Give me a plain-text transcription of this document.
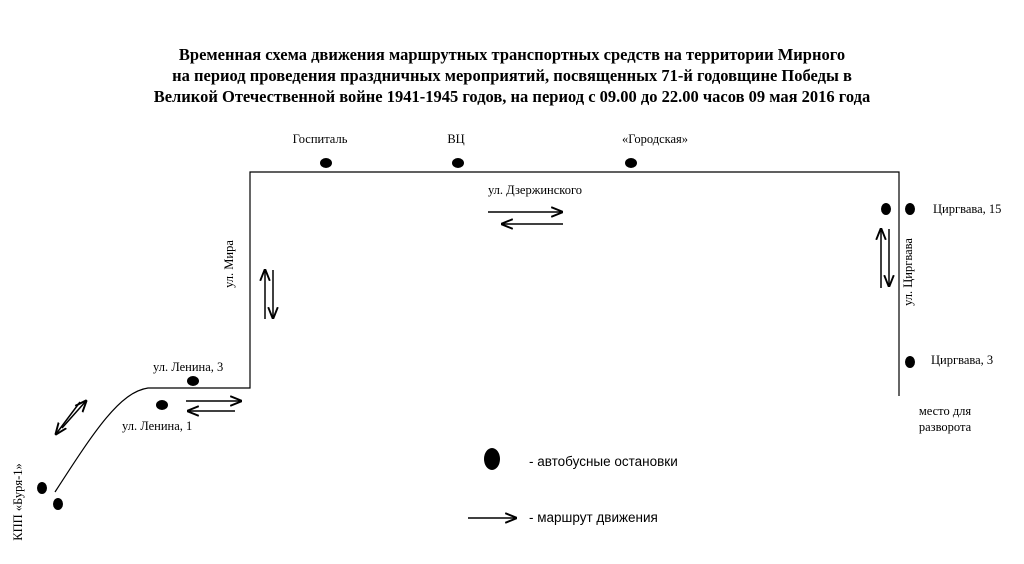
Временная схема движения маршрутных транспортных средств на территории Мирного
на период проведения праздничных мероприятий, посвященных 71-й годовщине Победы в
Великой Отечественной войне 1941-1945 годов, на период с 09.00 до 22.00 часов 09 мая 2016 года
Госпиталь	ВЦ	«Городская»
Циргвава, 15
Циргвава, 3
ул. Ленина, 3
ул. Ленина, 1
КПП «Буря-1»
ул. Дзержинского
ул. Мира	ул. Циргвава
место для
разворота
- автобусные остановки
- маршрут движения
